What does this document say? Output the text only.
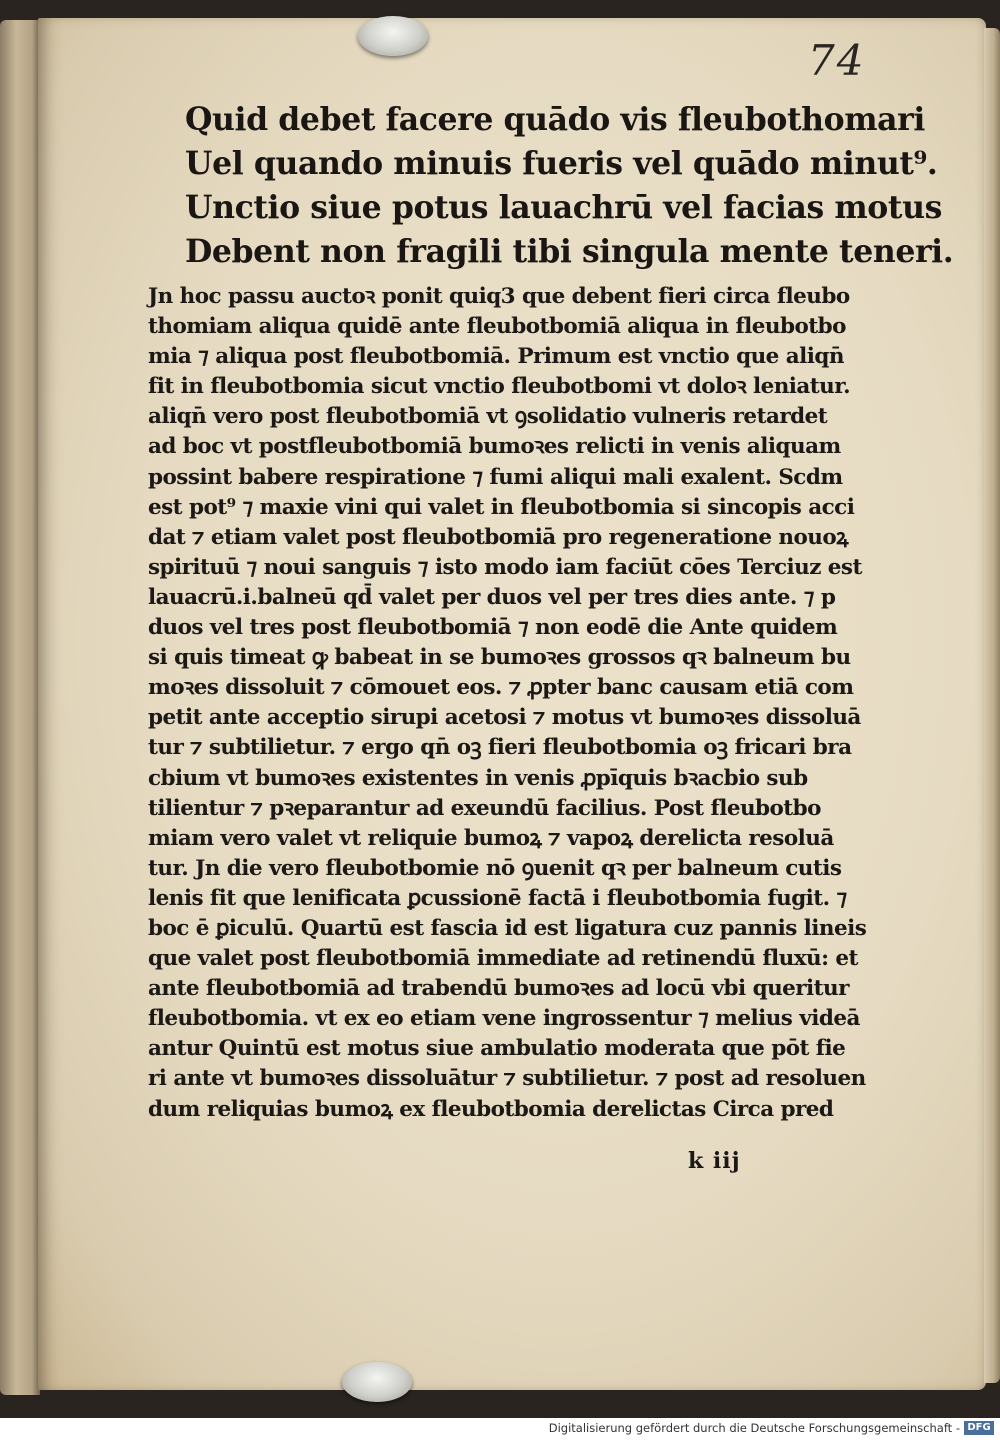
74
Quid debet facere quādo vis fleubothomari
Uel quando minuis fueris vel quādo minut⁹.
Unctio siue potus lauachrū vel facias motus
Debent non fragili tibi singula mente teneri.
Jn hoc passu auctoꝛ ponit quiq3 que debent fieri circa fleubo
thomiam aliqua quidē ante fleubotbomiā aliqua in fleubotbo
mia ⁊ aliqua post fleubotbomiā. Primum est vnctio que aliqn̄
fit in fleubotbomia sicut vnctio fleubotbomi vt doloꝛ leniatur.
aliqn̄ vero post fleubotbomiā vt ꝯsolidatio vulneris retardet
ad boc vt postfleubotbomiā bumoꝛes relicti in venis aliquam
possint babere respiratione ⁊ fumi aliqui mali exalent. Scdm
est pot⁹ ⁊ maxie vini qui valet in fleubotbomia si sincopis acci
dat ⁊ etiam valet post fleubotbomiā pro regeneratione nouoꝝ
spirituū ⁊ noui sanguis ⁊ isto modo iam faciūt cōes Terciuz est
lauacrū.i.balneū qd̄ valet per duos vel per tres dies ante. ⁊ p
duos vel tres post fleubotbomiā ⁊ non eodē die Ante quidem
si quis timeat ꝙ babeat in se bumoꝛes grossos qꝛ balneum bu
moꝛes dissoluit ⁊ cōmouet eos. ⁊ ꝓpter banc causam etiā com
petit ante acceptio sirupi acetosi ⁊ motus vt bumoꝛes dissoluā
tur ⁊ subtilietur. ⁊ ergo qn̄ oꝫ fieri fleubotbomia oꝫ fricari bra
cbium vt bumoꝛes existentes in venis ꝓpīquis bꝛacbio sub
tilientur ⁊ pꝛeparantur ad exeundū facilius. Post fleubotbo
miam vero valet vt reliquie bumoꝝ ⁊ vapoꝝ derelicta resoluā
tur. Jn die vero fleubotbomie nō ꝯuenit qꝛ per balneum cutis
lenis fit que lenificata ꝑcussionē factā i fleubotbomia fugit. ⁊
boc ē ꝑiculū. Quartū est fascia id est ligatura cuz pannis lineis
que valet post fleubotbomiā immediate ad retinendū fluxū: et
ante fleubotbomiā ad trabendū bumoꝛes ad locū vbi queritur
fleubotbomia. vt ex eo etiam vene ingrossentur ⁊ melius videā
antur Quintū est motus siue ambulatio moderata que pōt fie
ri ante vt bumoꝛes dissoluātur ⁊ subtilietur. ⁊ post ad resoluen
dum reliquias bumoꝝ ex fleubotbomia derelictas Circa pred
k iij
Digitalisierung gefördert durch die Deutsche Forschungsgemeinschaft - DFG
